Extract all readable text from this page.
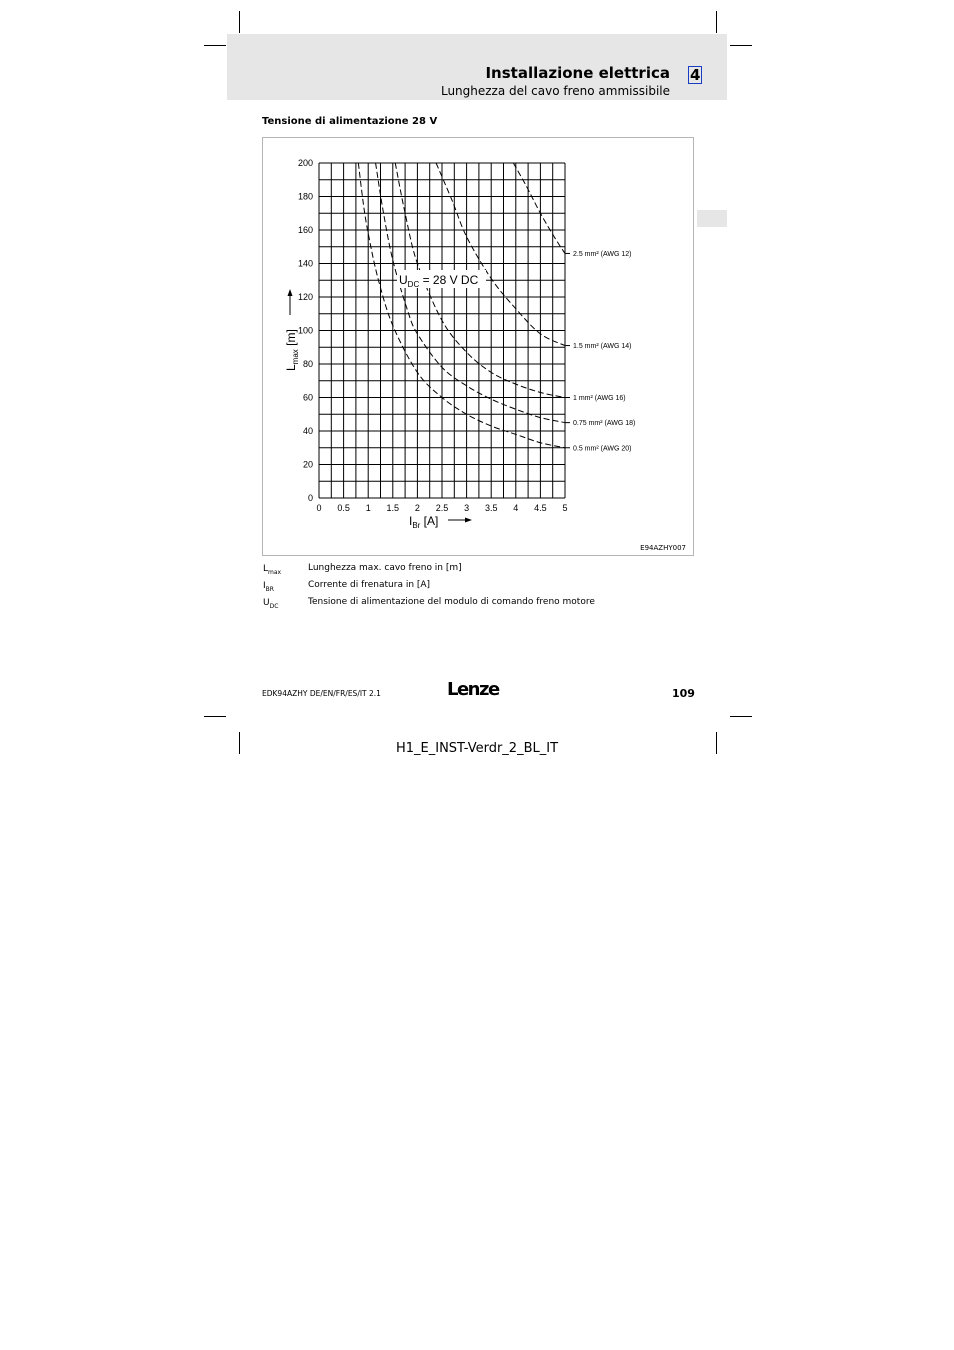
Installazione elettrica
Lunghezza del cavo freno ammissibile
4
Tensione di alimentazione 28 V
0 0.5 1 1.5 2 2.5 3 3.5 4 4.5 5
0
20
40
60
80
100
120
140
160
180
200
2.5 mm² (AWG 12)
1.5 mm² (AWG 14)
1 mm² (AWG 16)
0.75 mm² (AWG 18)
0.5 mm² (AWG 20)
$U_{DC} = 28$ V DC
$L_{max}$ [m]
$I_{Br}$ [A]
E94AZHY007
$L_{max}$	Lunghezza max. cavo freno in [m]
$I_{BR}$	Corrente di frenatura in [A]
$U_{DC}$	Tensione di alimentazione del modulo di comando freno motore
EDK94AZHY DE/EN/FR/ES/IT 2.1	Lenze	109
H1_E_INST-Verdr_2_BL_IT
